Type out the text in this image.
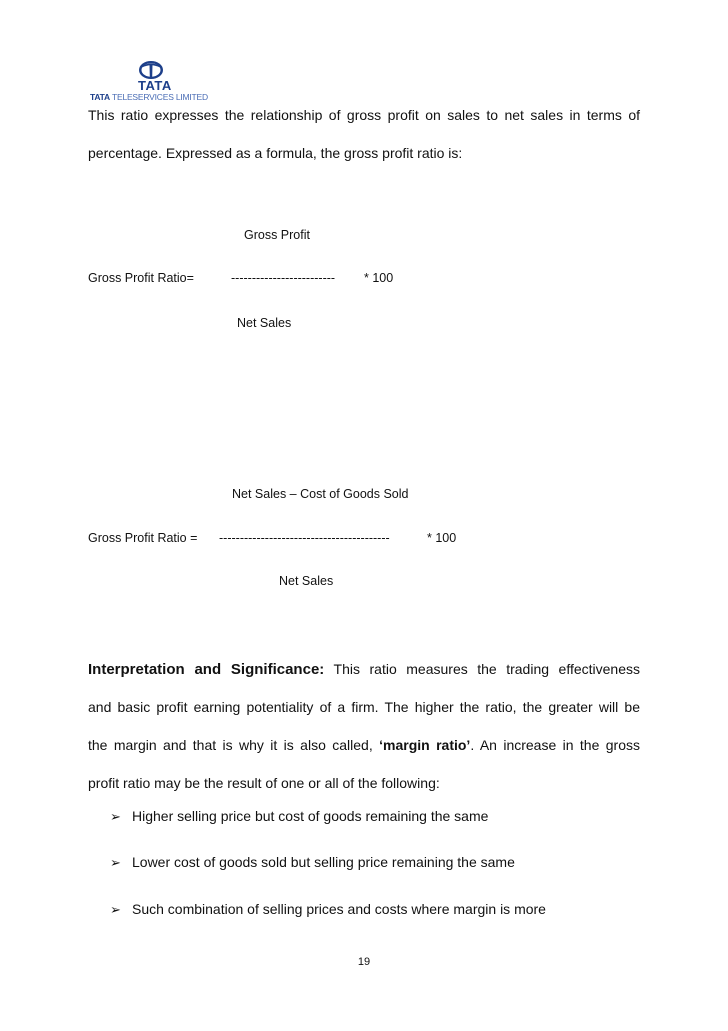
TATA
TATA TELESERVICES LIMITED
This ratio expresses the relationship of gross profit on sales to net sales in terms of
percentage. Expressed as a formula, the gross profit ratio is:
Gross Profit
Gross Profit Ratio=	------------------------- * 100
Net Sales
Net Sales – Cost of Goods Sold
Gross Profit Ratio = -----------------------------------------	* 100
Net Sales
Interpretation and Significance: This ratio measures the trading effectiveness
and basic profit earning potentiality of a firm. The higher the ratio, the greater will be
the margin and that is why it is also called, ‘margin ratio’. An increase in the gross
profit ratio may be the result of one or all of the following:
➢ Higher selling price but cost of goods remaining the same
➢ Lower cost of goods sold but selling price remaining the same
➢ Such combination of selling prices and costs where margin is more
19
